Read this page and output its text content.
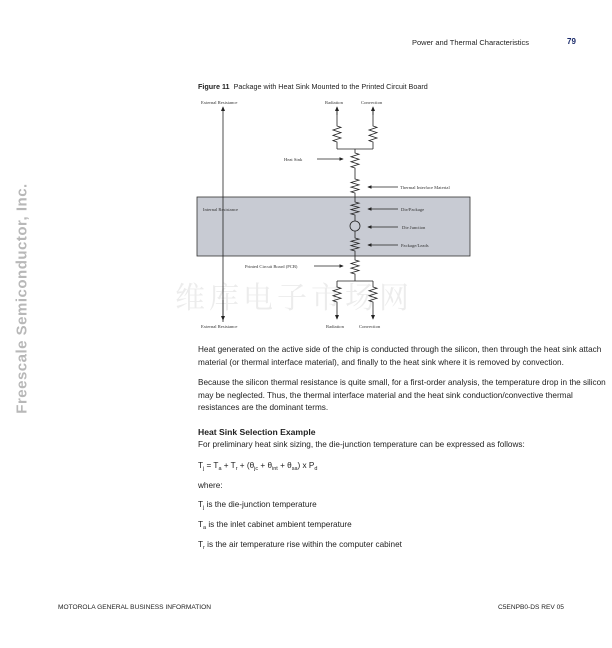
Power and Thermal Characteristics	79
Freescale Semiconductor, Inc.
Figure 11 Package with Heat Sink Mounted to the Printed Circuit Board
维库电子市场网
External Resistance	Radiation	Convection
Heat Sink
Thermal Interface Material
Internal Resistance	Die/Package
Die Junction
Package/Leads
Printed Circuit Board (PCB)
External Resistance	Radiation	Convection
Heat generated on the active side of the chip is conducted through the silicon, then through the heat sink attach material (or thermal interface material), and finally to the heat sink where it is removed by convection.
Because the silicon thermal resistance is quite small, for a first-order analysis, the temperature drop in the silicon may be neglected. Thus, the thermal interface material and the heat sink conduction/convective thermal resistances are the dominant terms.
Heat Sink Selection Example
For preliminary heat sink sizing, the die-junction temperature can be expressed as follows:
$T_j = T_a + T_r + (\theta_{jc} + \theta_{int} + \theta_{sa})$ x $P_d$
where:
$T_j$ is the die-junction temperature
$T_a$ is the inlet cabinet ambient temperature
$T_r$ is the air temperature rise within the computer cabinet
MOTOROLA GENERAL BUSINESS INFORMATION	C5ENPB0-DS REV 05
